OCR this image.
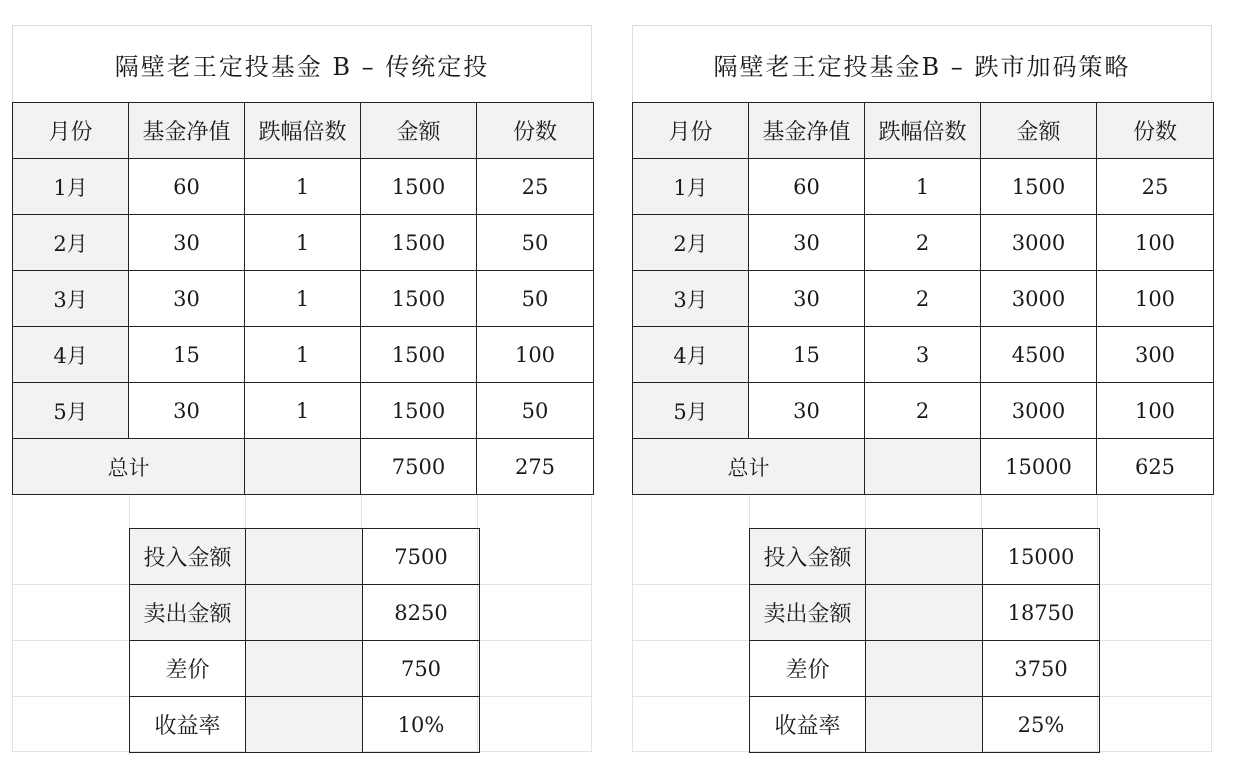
隔壁老王定投基金 B – 传统定投
月份	基金净值	跌幅倍数	金额	份数
1月	60	1	1500	25
2月	30	1	1500	50
3月	30	1	1500	50
4月	15	1	1500	100
5月	30	1	1500	50
总计			7500	275
投入金额		7500
卖出金额		8250
差价		750
收益率		10%
隔壁老王定投基金B – 跌市加码策略
月份	基金净值	跌幅倍数	金额	份数
1月	60	1	1500	25
2月	30	2	3000	100
3月	30	2	3000	100
4月	15	3	4500	300
5月	30	2	3000	100
总计			15000	625
投入金额		15000
卖出金额		18750
差价		3750
收益率		25%
